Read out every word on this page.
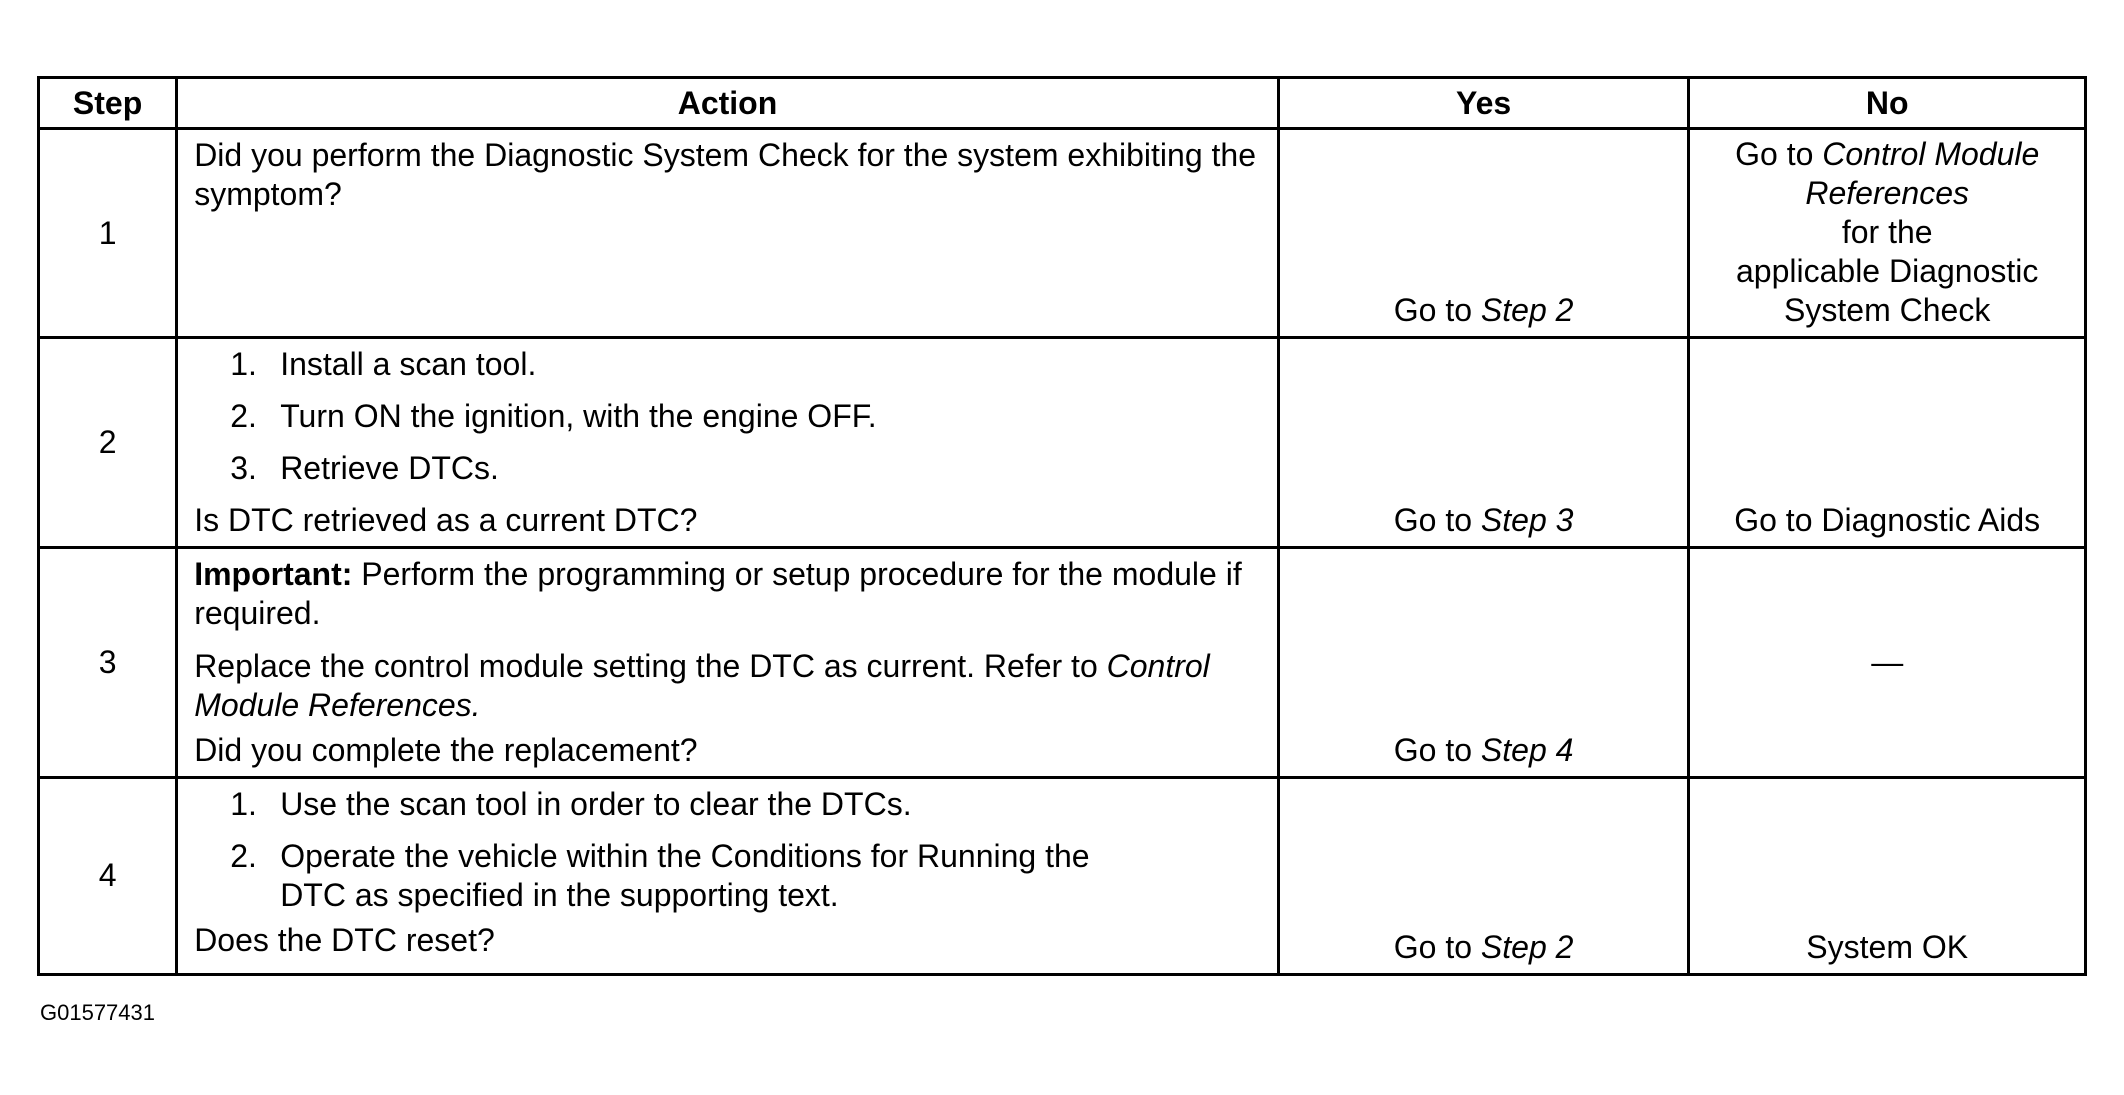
Step	Action	Yes	No
1	Did you perform the Diagnostic System Check for the system exhibiting the symptom?	Go to Step 2	Go to Control Module References
for the
applicable Diagnostic
System Check

2	1. Install a scan tool.
2. Turn ON the ignition, with the engine OFF.
3. Retrieve DTCs.

Is DTC retrieved as a current DTC?	Go to Step 3	Go to Diagnostic Aids

3	Important: Perform the programming or setup procedure for the module if required.

Replace the control module setting the DTC as current. Refer to Control Module References.

Did you complete the replacement?	Go to Step 4	—

4	1. Use the scan tool in order to clear the DTCs.
2. Operate the vehicle within the Conditions for Running the
DTC as specified in the supporting text.

Does the DTC reset?	Go to Step 2	System OK
G01577431
